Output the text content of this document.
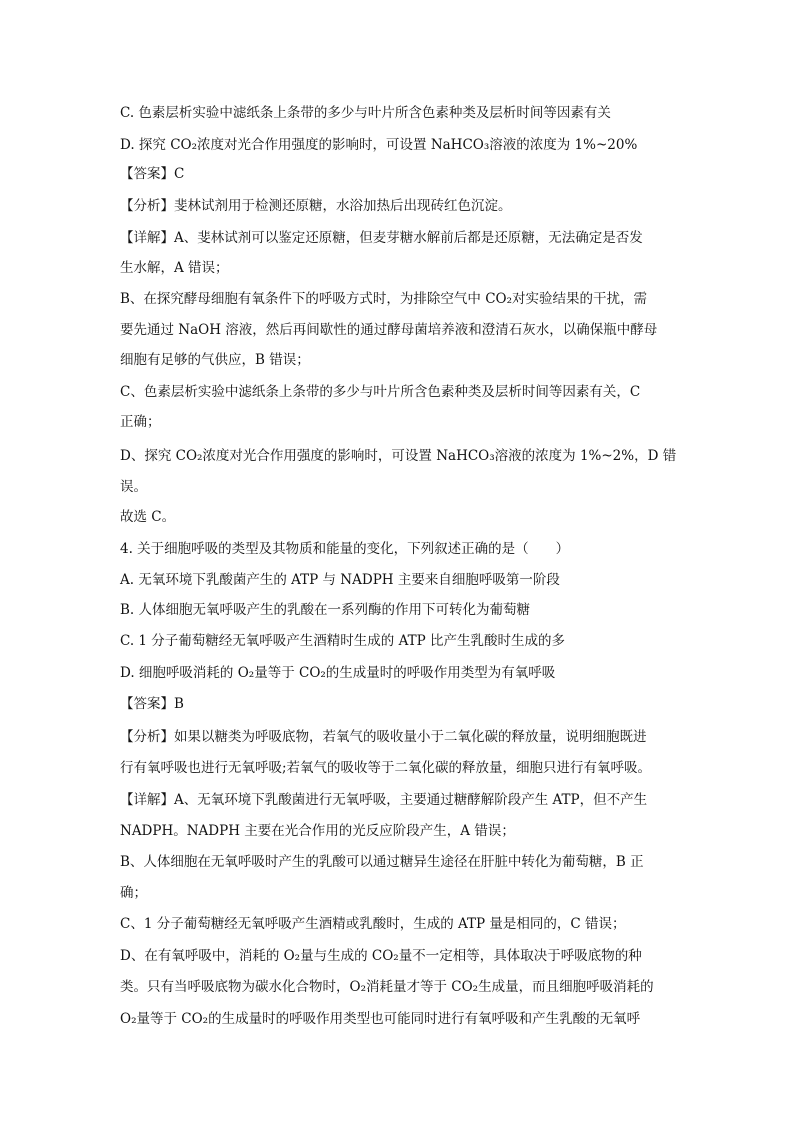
C. 色素层析实验中滤纸条上条带的多少与叶片所含色素种类及层析时间等因素有关
D. 探究 CO₂浓度对光合作用强度的影响时，可设置 NaHCO₃溶液的浓度为 1%~20%
【答案】C
【分析】斐林试剂用于检测还原糖，水浴加热后出现砖红色沉淀。
【详解】A、斐林试剂可以鉴定还原糖，但麦芽糖水解前后都是还原糖，无法确定是否发
生水解，A 错误；
B、在探究酵母细胞有氧条件下的呼吸方式时，为排除空气中 CO₂对实验结果的干扰，需
要先通过 NaOH 溶液，然后再间歇性的通过酵母菌培养液和澄清石灰水，以确保瓶中酵母
细胞有足够的气供应，B 错误；
C、色素层析实验中滤纸条上条带的多少与叶片所含色素种类及层析时间等因素有关，C
正确；
D、探究 CO₂浓度对光合作用强度的影响时，可设置 NaHCO₃溶液的浓度为 1%~2%，D 错
误。
故选 C。
4. 关于细胞呼吸的类型及其物质和能量的变化，下列叙述正确的是（　　）
A. 无氧环境下乳酸菌产生的 ATP 与 NADPH 主要来自细胞呼吸第一阶段
B. 人体细胞无氧呼吸产生的乳酸在一系列酶的作用下可转化为葡萄糖
C. 1 分子葡萄糖经无氧呼吸产生酒精时生成的 ATP 比产生乳酸时生成的多
D. 细胞呼吸消耗的 O₂量等于 CO₂的生成量时的呼吸作用类型为有氧呼吸
【答案】B
【分析】如果以糖类为呼吸底物，若氧气的吸收量小于二氧化碳的释放量，说明细胞既进
行有氧呼吸也进行无氧呼吸;若氧气的吸收等于二氧化碳的释放量，细胞只进行有氧呼吸。
【详解】A、无氧环境下乳酸菌进行无氧呼吸，主要通过糖酵解阶段产生 ATP，但不产生
NADPH。NADPH 主要在光合作用的光反应阶段产生，A 错误；
B、人体细胞在无氧呼吸时产生的乳酸可以通过糖异生途径在肝脏中转化为葡萄糖，B 正
确；
C、1 分子葡萄糖经无氧呼吸产生酒精或乳酸时，生成的 ATP 量是相同的，C 错误；
D、在有氧呼吸中，消耗的 O₂量与生成的 CO₂量不一定相等，具体取决于呼吸底物的种
类。只有当呼吸底物为碳水化合物时，O₂消耗量才等于 CO₂生成量，而且细胞呼吸消耗的
O₂量等于 CO₂的生成量时的呼吸作用类型也可能同时进行有氧呼吸和产生乳酸的无氧呼
